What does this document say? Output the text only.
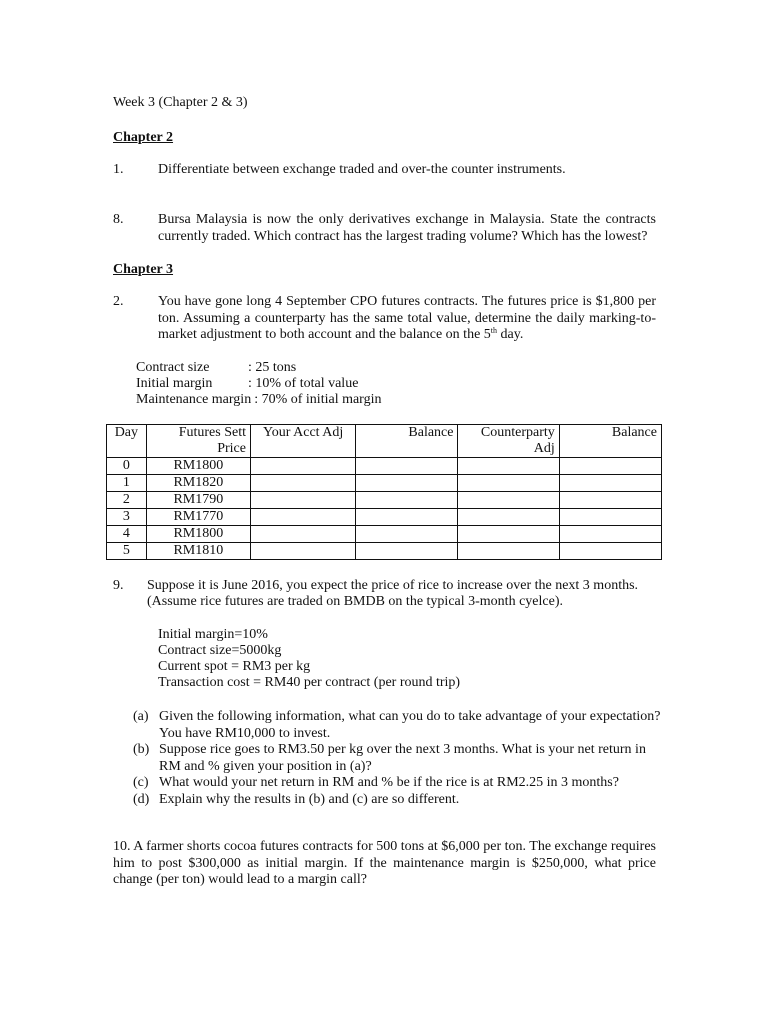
Week 3 (Chapter 2 & 3)
Chapter 2
1. Differentiate between exchange traded and over-the counter instruments.
8. Bursa Malaysia is now the only derivatives exchange in Malaysia. State the contracts currently traded. Which contract has the largest trading volume? Which has the lowest?
Chapter 3
2. You have gone long 4 September CPO futures contracts. The futures price is $1,800 per ton. Assuming a counterparty has the same total value, determine the daily marking-to-market adjustment to both account and the balance on the 5th day.
Contract size	: 25 tons
Initial margin	: 10% of total value
Maintenance margin : 70% of initial margin
Day	Futures Sett Price	Your Acct Adj	Balance	Counterparty Adj	Balance
0	RM1800				
1	RM1820				
2	RM1790				
3	RM1770				
4	RM1800				
5	RM1810				
9. Suppose it is June 2016, you expect the price of rice to increase over the next 3 months.
(Assume rice futures are traded on BMDB on the typical 3-month cyelce).
Initial margin=10%
Contract size=5000kg
Current spot = RM3 per kg
Transaction cost = RM40 per contract (per round trip)
(a) Given the following information, what can you do to take advantage of your expectation?
You have RM10,000 to invest.
(b) Suppose rice goes to RM3.50 per kg over the next 3 months. What is your net return in
RM and % given your position in (a)?
(c) What would your net return in RM and % be if the rice is at RM2.25 in 3 months?
(d) Explain why the results in (b) and (c) are so different.
10. A farmer shorts cocoa futures contracts for 500 tons at $6,000 per ton. The exchange requires him to post $300,000 as initial margin. If the maintenance margin is $250,000, what price change (per ton) would lead to a margin call?
